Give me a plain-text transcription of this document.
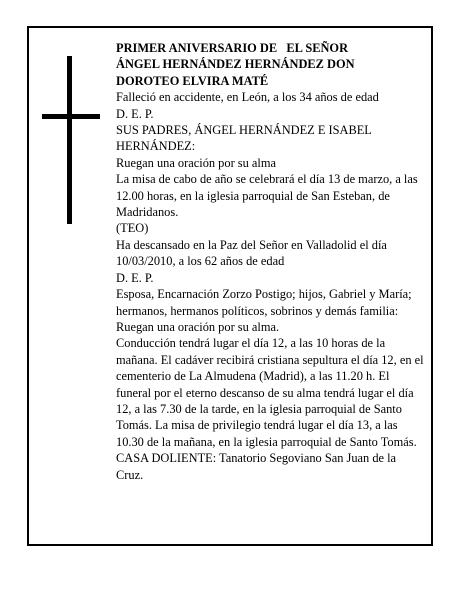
PRIMER ANIVERSARIO DE   EL SEÑOR

ÁNGEL HERNÁNDEZ HERNÁNDEZ DON

DOROTEO ELVIRA MATÉ

Falleció en accidente, en León, a los 34 años de edad

D. E. P.

SUS PADRES, ÁNGEL HERNÁNDEZ E ISABEL HERNÁNDEZ:

Ruegan una oración por su alma

La misa de cabo de año se celebrará el día 13 de marzo, a las 12.00 horas, en la iglesia parroquial de San Esteban, de Madridanos.

(TEO)

Ha descansado en la Paz del Señor en Valladolid el día 10/03/2010, a los 62 años de edad

D. E. P.

Esposa, Encarnación Zorzo Postigo; hijos, Gabriel y María; hermanos, hermanos políticos, sobrinos y demás familia:

Ruegan una oración por su alma.

Conducción tendrá lugar el día 12, a las 10 horas de la mañana. El cadáver recibirá cristiana sepultura el día 12, en el cementerio de La Almudena (Madrid), a las 11.20 h. El funeral por el eterno descanso de su alma tendrá lugar el día 12, a las 7.30 de la tarde, en la iglesia parroquial de Santo Tomás. La misa de privilegio tendrá lugar el día 13, a las 10.30 de la mañana, en la iglesia parroquial de Santo Tomás.

CASA DOLIENTE: Tanatorio Segoviano San Juan de la Cruz.
